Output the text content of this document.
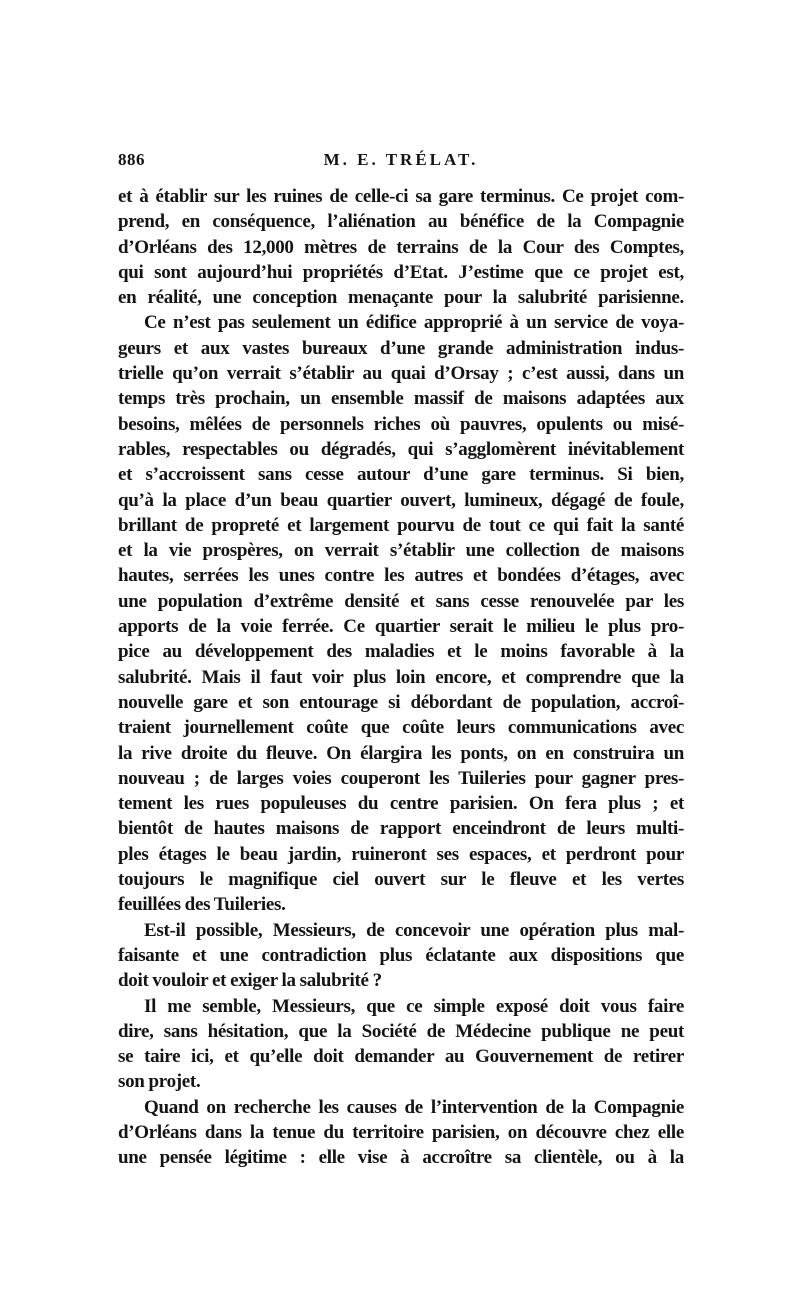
886	M. E. TRÉLAT.
et à établir sur les ruines de celle-ci sa gare terminus. Ce projet com-
prend, en conséquence, l’aliénation au bénéfice de la Compagnie
d’Orléans des 12,000 mètres de terrains de la Cour des Comptes,
qui sont aujourd’hui propriétés d’Etat. J’estime que ce projet est,
en réalité, une conception menaçante pour la salubrité parisienne.
Ce n’est pas seulement un édifice approprié à un service de voya-
geurs et aux vastes bureaux d’une grande administration indus-
trielle qu’on verrait s’établir au quai d’Orsay ; c’est aussi, dans un
temps très prochain, un ensemble massif de maisons adaptées aux
besoins, mêlées de personnels riches où pauvres, opulents ou misé-
rables, respectables ou dégradés, qui s’agglomèrent inévitablement
et s’accroissent sans cesse autour d’une gare terminus. Si bien,
qu’à la place d’un beau quartier ouvert, lumineux, dégagé de foule,
brillant de propreté et largement pourvu de tout ce qui fait la santé
et la vie prospères, on verrait s’établir une collection de maisons
hautes, serrées les unes contre les autres et bondées d’étages, avec
une population d’extrême densité et sans cesse renouvelée par les
apports de la voie ferrée. Ce quartier serait le milieu le plus pro-
pice au développement des maladies et le moins favorable à la
salubrité. Mais il faut voir plus loin encore, et comprendre que la
nouvelle gare et son entourage si débordant de population, accroî-
traient journellement coûte que coûte leurs communications avec
la rive droite du fleuve. On élargira les ponts, on en construira un
nouveau ; de larges voies couperont les Tuileries pour gagner pres-
tement les rues populeuses du centre parisien. On fera plus ; et
bientôt de hautes maisons de rapport enceindront de leurs multi-
ples étages le beau jardin, ruineront ses espaces, et perdront pour
toujours le magnifique ciel ouvert sur le fleuve et les vertes
feuillées des Tuileries.
Est-il possible, Messieurs, de concevoir une opération plus mal-
faisante et une contradiction plus éclatante aux dispositions que
doit vouloir et exiger la salubrité ?
Il me semble, Messieurs, que ce simple exposé doit vous faire
dire, sans hésitation, que la Société de Médecine publique ne peut
se taire ici, et qu’elle doit demander au Gouvernement de retirer
son projet.
Quand on recherche les causes de l’intervention de la Compagnie
d’Orléans dans la tenue du territoire parisien, on découvre chez elle
une pensée légitime : elle vise à accroître sa clientèle, ou à la
